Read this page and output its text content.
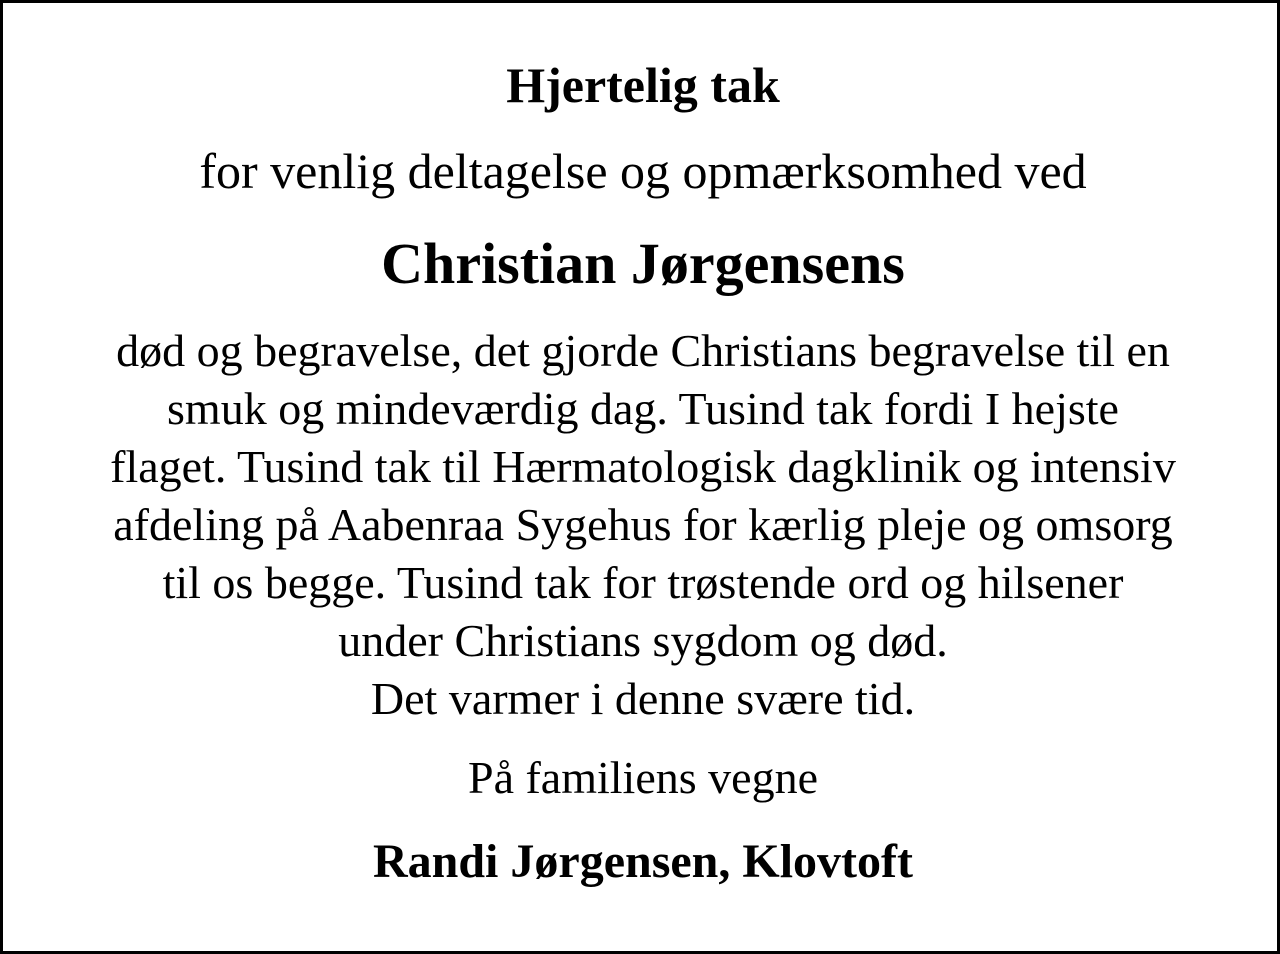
Hjertelig tak

for venlig deltagelse og opmærksomhed ved

Christian Jørgensens

død og begravelse, det gjorde Christians begravelse til en
smuk og mindeværdig dag. Tusind tak fordi I hejste
flaget. Tusind tak til Hærmatologisk dagklinik og intensiv
afdeling på Aabenraa Sygehus for kærlig pleje og omsorg
til os begge. Tusind tak for trøstende ord og hilsener
under Christians sygdom og død.
Det varmer i denne svære tid.

På familiens vegne

Randi Jørgensen, Klovtoft
